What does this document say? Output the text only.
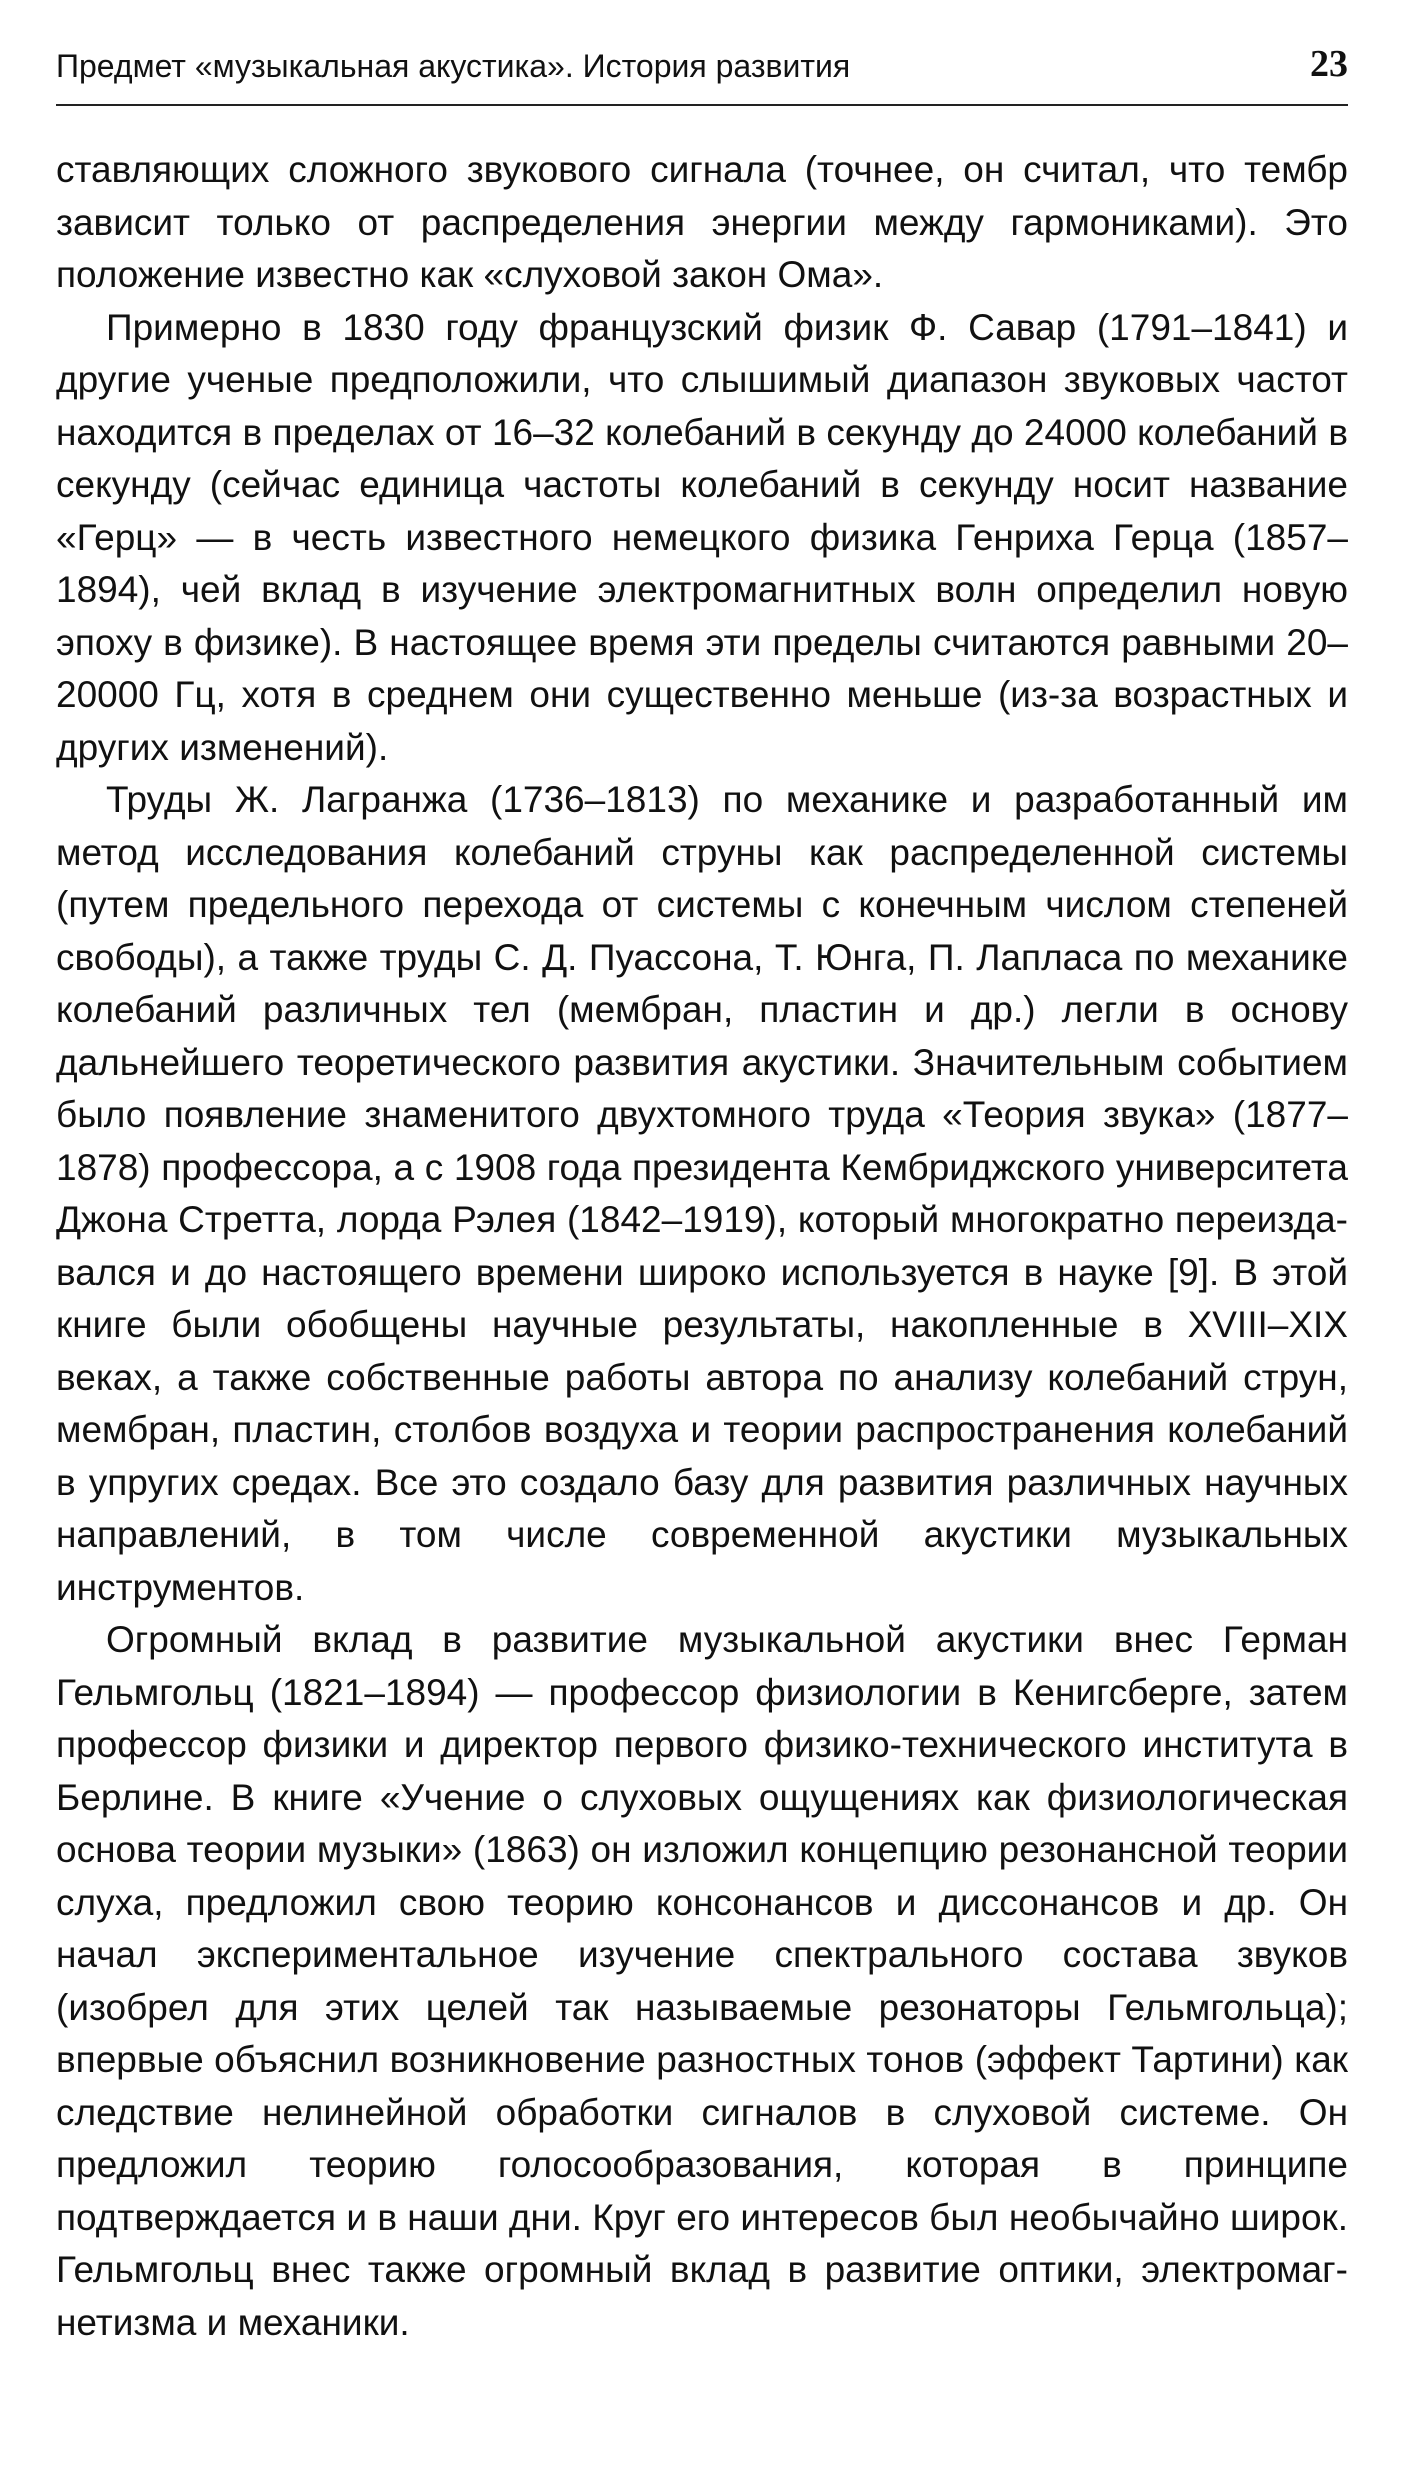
Предмет «музыкальная акустика». История развития	23

ставляющих сложного звукового сигнала (точнее, он считал, что тембр зависит только от распределения энергии между гармониками). Это положение известно как «слуховой закон Ома».

Примерно в 1830 году французский физик Ф. Савар (1791–1841) и другие ученые предположили, что слышимый диапазон звуковых частот находится в пределах от 16–32 колебаний в секунду до 24000 колебаний в секунду (сейчас единица частоты колебаний в секунду носит название «Герц» — в честь известного немецкого физика Генриха Герца (1857–1894), чей вклад в изучение электромагнитных волн определил новую эпоху в физике). В настоящее время эти пределы считаются равными 20–20000 Гц, хотя в среднем они существенно меньше (из-за возрастных и других изменений).

Труды Ж. Лагранжа (1736–1813) по механике и разработанный им метод исследования колебаний струны как распределенной системы (путем предельного перехода от системы с конечным числом степеней свободы), а также труды С. Д. Пуассона, Т. Юнга, П. Лапласа по механике колебаний различных тел (мембран, пластин и др.) легли в основу дальнейшего теоретического развития акустики. Значительным событием было появление знаменитого двухтомного труда «Теория звука» (1877–1878) профессора, а с 1908 года президента Кембриджского университета Джона Стретта, лорда Рэлея (1842–1919), который многократно переиздавался и до настоящего времени широко используется в науке [9]. В этой книге были обобщены научные результаты, накопленные в XVIII–XIX веках, а также собственные работы автора по анализу колебаний струн, мембран, пластин, столбов воздуха и теории распространения колебаний в упругих средах. Все это создало базу для развития различных научных направлений, в том числе современной акустики музыкальных инструментов.

Огромный вклад в развитие музыкальной акустики внес Герман Гельмгольц (1821–1894) — профессор физиологии в Кенигсберге, затем профессор физики и директор первого физико-технического института в Берлине. В книге «Учение о слуховых ощущениях как физиологическая основа теории музыки» (1863) он изложил концепцию резонансной теории слуха, предложил свою теорию консонансов и диссонансов и др. Он начал экспериментальное изучение спектрального состава звуков (изобрел для этих целей так называемые резонаторы Гельмгольца); впервые объяснил возникновение разностных тонов (эффект Тартини) как следствие нелинейной обработки сигналов в слуховой системе. Он предложил теорию голосообразования, которая в принципе подтверждается и в наши дни. Круг его интересов был необычайно широк. Гельмгольц внес также огромный вклад в развитие оптики, электромагнетизма и механики.
